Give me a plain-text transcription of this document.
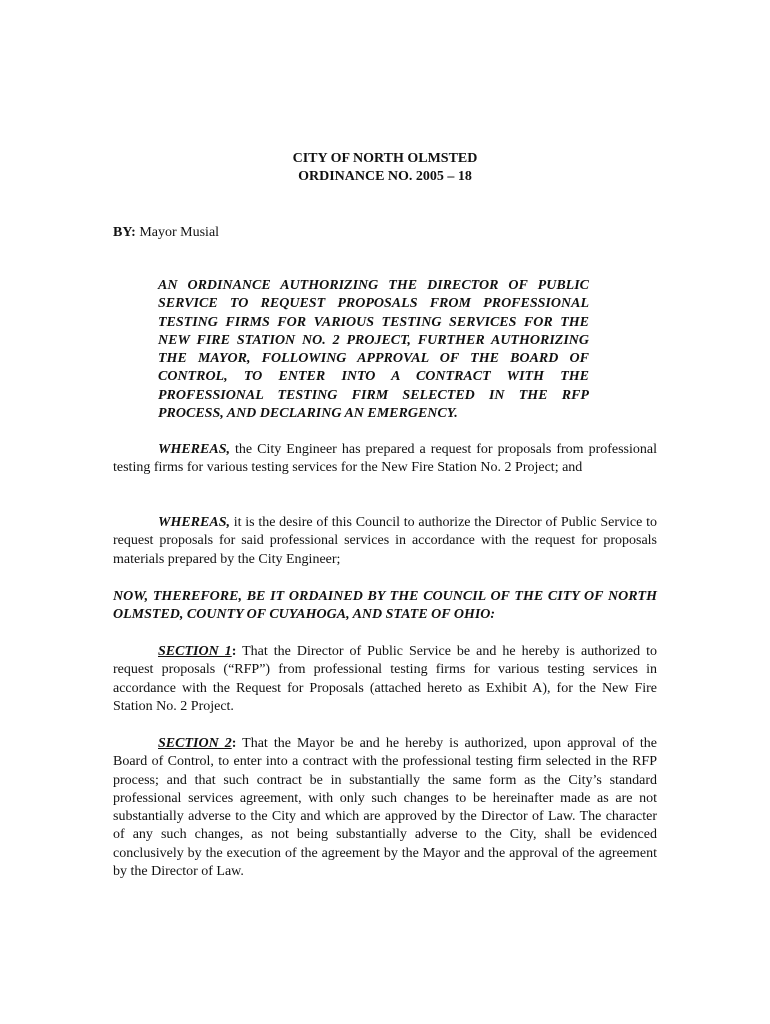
CITY OF NORTH OLMSTED
ORDINANCE NO. 2005 – 18
BY: Mayor Musial
AN ORDINANCE AUTHORIZING THE DIRECTOR OF PUBLIC SERVICE TO REQUEST PROPOSALS FROM PROFESSIONAL TESTING FIRMS FOR VARIOUS TESTING SERVICES FOR THE NEW FIRE STATION NO. 2 PROJECT, FURTHER AUTHORIZING THE MAYOR, FOLLOWING APPROVAL OF THE BOARD OF CONTROL, TO ENTER INTO A CONTRACT WITH THE PROFESSIONAL TESTING FIRM SELECTED IN THE RFP PROCESS, AND DECLARING AN EMERGENCY.
WHEREAS, the City Engineer has prepared a request for proposals from professional testing firms for various testing services for the New Fire Station No. 2 Project; and
WHEREAS, it is the desire of this Council to authorize the Director of Public Service to request proposals for said professional services in accordance with the request for proposals materials prepared by the City Engineer;
NOW, THEREFORE, BE IT ORDAINED BY THE COUNCIL OF THE CITY OF NORTH OLMSTED, COUNTY OF CUYAHOGA, AND STATE OF OHIO:
SECTION 1: That the Director of Public Service be and he hereby is authorized to request proposals (“RFP”) from professional testing firms for various testing services in accordance with the Request for Proposals (attached hereto as Exhibit A), for the New Fire Station No. 2 Project.
SECTION 2: That the Mayor be and he hereby is authorized, upon approval of the Board of Control, to enter into a contract with the professional testing firm selected in the RFP process; and that such contract be in substantially the same form as the City’s standard professional services agreement, with only such changes to be hereinafter made as are not substantially adverse to the City and which are approved by the Director of Law. The character of any such changes, as not being substantially adverse to the City, shall be evidenced conclusively by the execution of the agreement by the Mayor and the approval of the agreement by the Director of Law.
